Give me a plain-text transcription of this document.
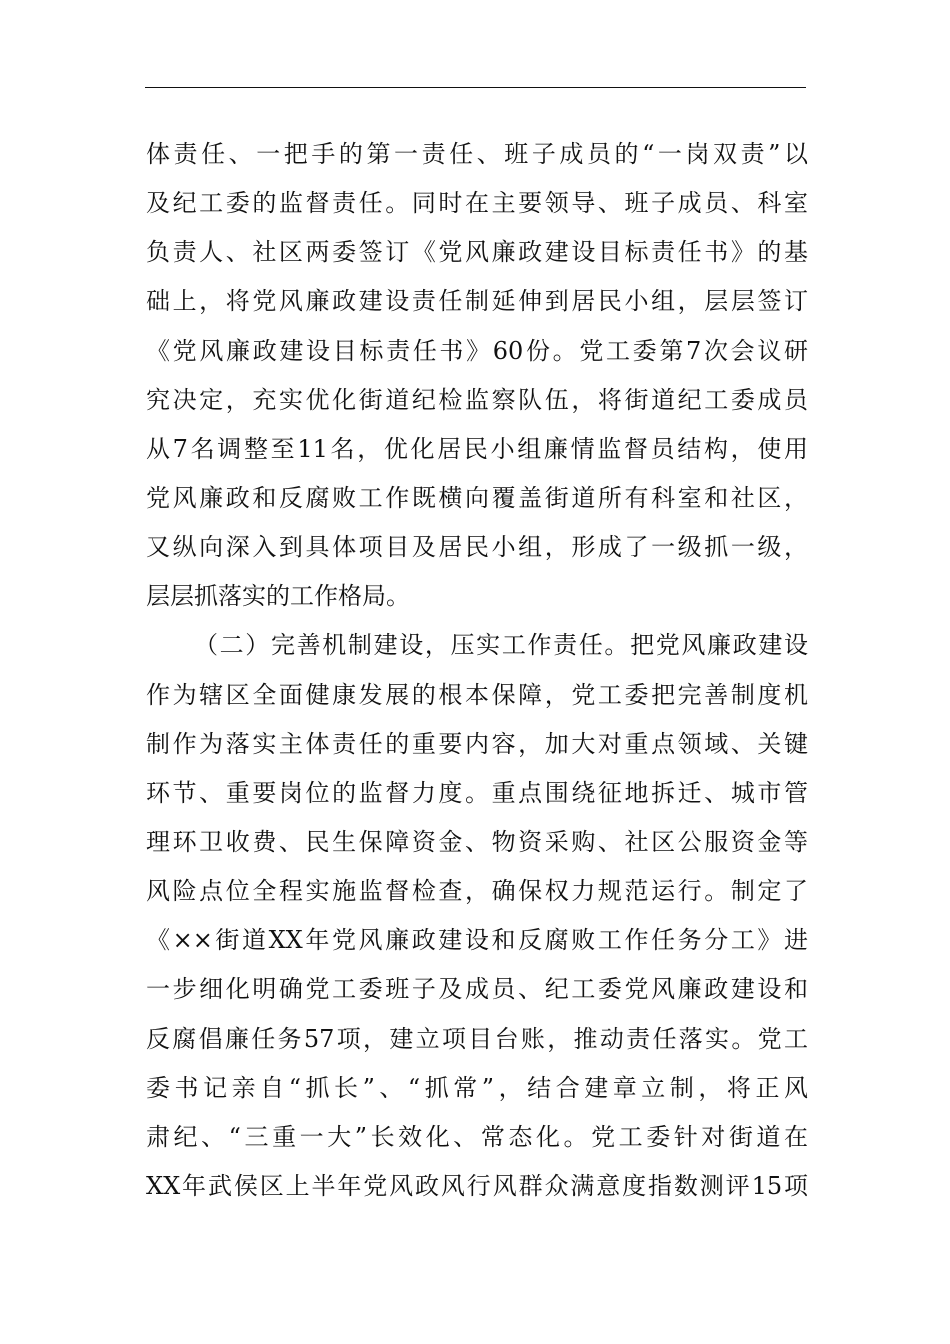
体责任、一把手的第一责任、班子成员的“一岗双责”以
及纪工委的监督责任。同时在主要领导、班子成员、科室
负责人、社区两委签订《党风廉政建设目标责任书》的基
础上，将党风廉政建设责任制延伸到居民小组，层层签订
《党风廉政建设目标责任书》60份。党工委第7次会议研
究决定，充实优化街道纪检监察队伍，将街道纪工委成员
从7名调整至11名，优化居民小组廉情监督员结构，使用
党风廉政和反腐败工作既横向覆盖街道所有科室和社区，
又纵向深入到具体项目及居民小组，形成了一级抓一级，
层层抓落实的工作格局。
（二）完善机制建设，压实工作责任。把党风廉政建设
作为辖区全面健康发展的根本保障，党工委把完善制度机
制作为落实主体责任的重要内容，加大对重点领域、关键
环节、重要岗位的监督力度。重点围绕征地拆迁、城市管
理环卫收费、民生保障资金、物资采购、社区公服资金等
风险点位全程实施监督检查，确保权力规范运行。制定了
《××街道XX年党风廉政建设和反腐败工作任务分工》进
一步细化明确党工委班子及成员、纪工委党风廉政建设和
反腐倡廉任务57项，建立项目台账，推动责任落实。党工
委书记亲自“抓长”、“抓常”，结合建章立制，将正风
肃纪、“三重一大”长效化、常态化。党工委针对街道在
XX年武侯区上半年党风政风行风群众满意度指数测评15项
